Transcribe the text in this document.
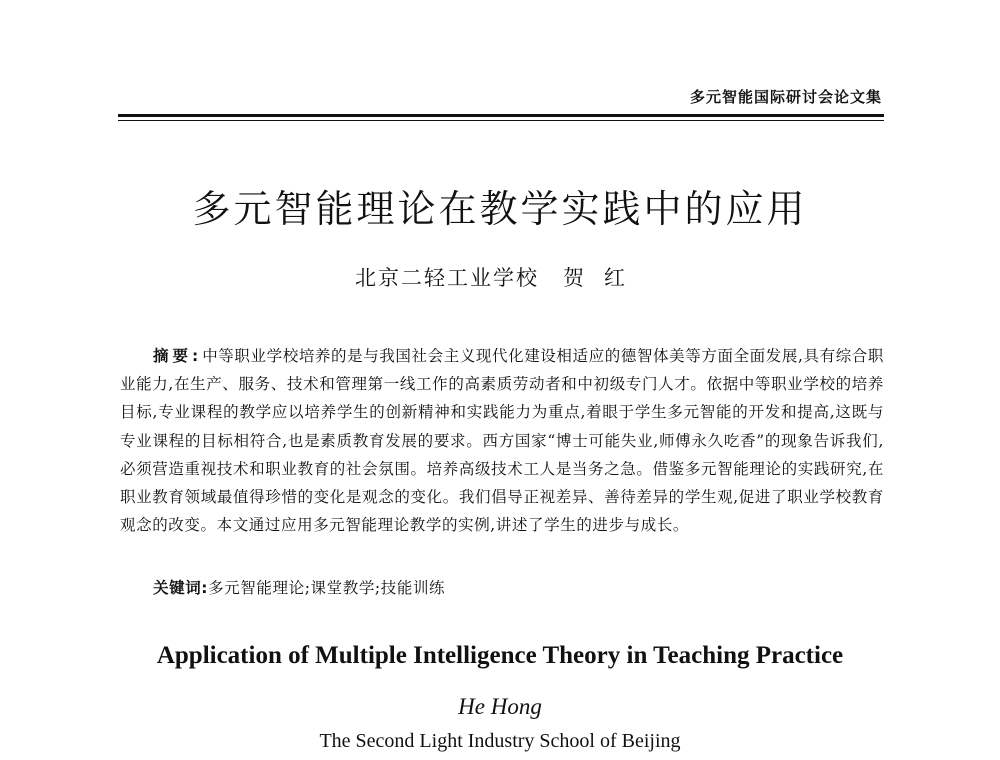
多元智能国际研讨会论文集
多元智能理论在教学实践中的应用
北京二轻工业学校 贺红

摘要:中等职业学校培养的是与我国社会主义现代化建设相适应的德智体美等方面全面发展,具有综合职业能力,在生产、服务、技术和管理第一线工作的高素质劳动者和中初级专门人才。依据中等职业学校的培养目标,专业课程的教学应以培养学生的创新精神和实践能力为重点,着眼于学生多元智能的开发和提高,这既与专业课程的目标相符合,也是素质教育发展的要求。西方国家“博士可能失业,师傅永久吃香”的现象告诉我们,必须营造重视技术和职业教育的社会氛围。培养高级技术工人是当务之急。借鉴多元智能理论的实践研究,在职业教育领域最值得珍惜的变化是观念的变化。我们倡导正视差异、善待差异的学生观,促进了职业学校教育观念的改变。本文通过应用多元智能理论教学的实例,讲述了学生的进步与成长。

关键词:多元智能理论;课堂教学;技能训练
Application of Multiple Intelligence Theory in Teaching Practice
He Hong
The Second Light Industry School of Beijing
